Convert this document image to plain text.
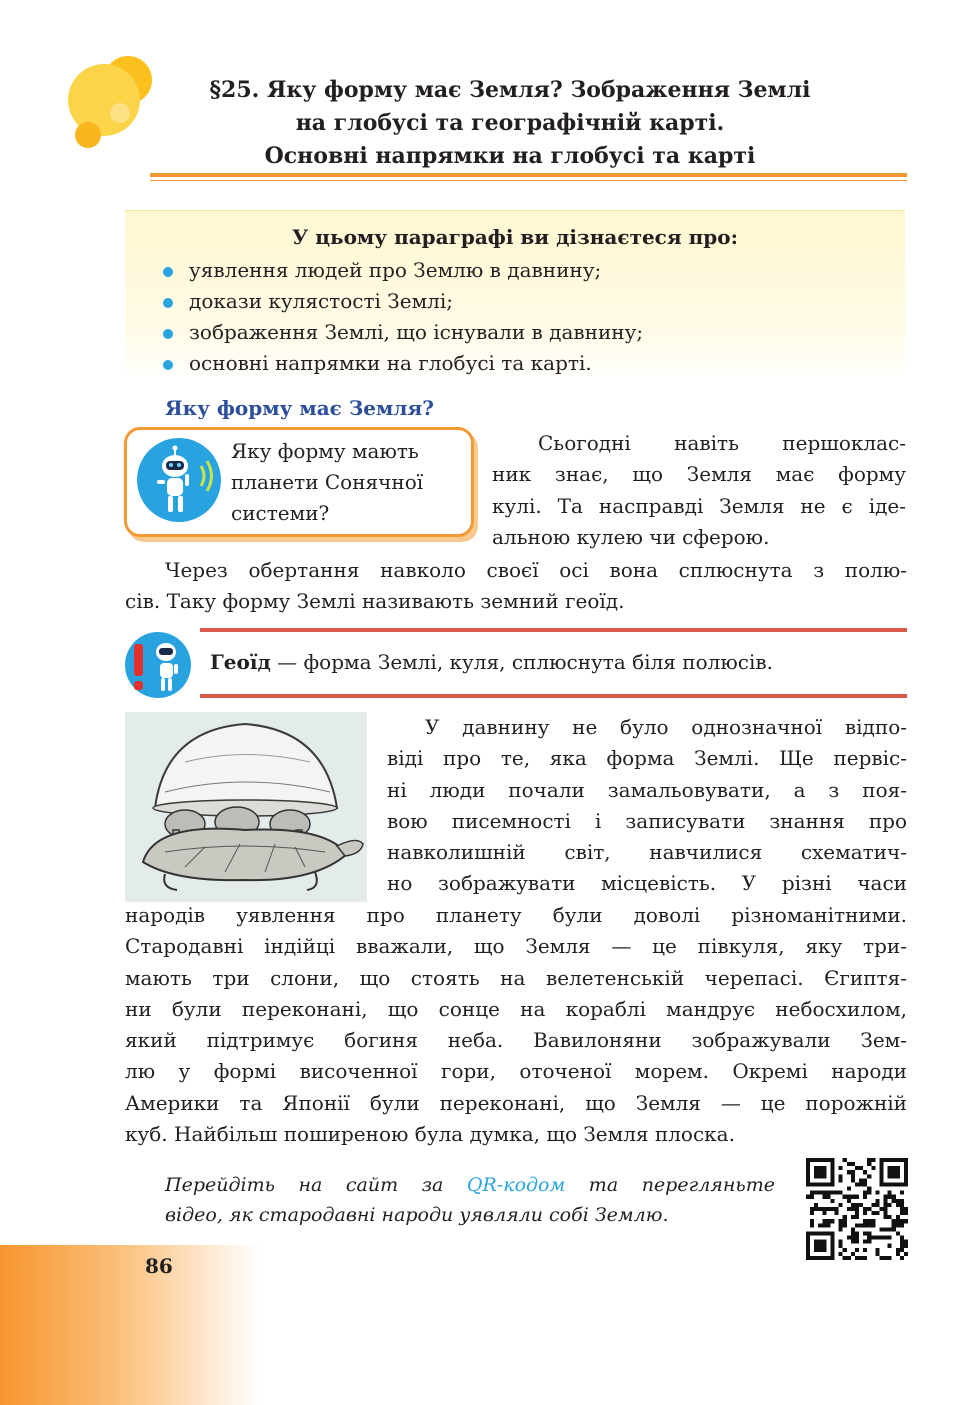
§25. Яку форму має Земля? Зображення Землі
на глобусі та географічній карті.
Основні напрямки на глобусі та карті
У цьому параграфі ви дізнаєтеся про:
уявлення людей про Землю в давнину;
докази кулястості Землі;
зображення Землі, що існували в давнину;
основні напрямки на глобусі та карті.
Яку форму має Земля?
Яку форму мають
планети Сонячної
системи?
Сьогодні навіть першоклас-
ник знає, що Земля має форму
кулі. Та насправді Земля не є іде-
альною кулею чи сферою.
Через обертання навколо своєї осі вона сплюснута з полю-
сів. Таку форму Землі називають земний геоїд.
Геоїд — форма Землі, куля, сплюснута біля полюсів.
У давнину не було однозначної відпо-
віді про те, яка форма Землі. Ще первіс-
ні люди почали замальовувати, а з поя-
вою писемності і записувати знання про
навколишній світ, навчилися схематич-
но зображувати місцевість. У різні часи
народів уявлення про планету були доволі різноманітними.
Стародавні індійці вважали, що Земля — це півкуля, яку три-
мають три слони, що стоять на велетенській черепасі. Єгиптя-
ни були переконані, що сонце на кораблі мандрує небосхилом,
який підтримує богиня неба. Вавилоняни зображували Зем-
лю у формі височенної гори, оточеної морем. Окремі народи
Америки та Японії були переконані, що Земля — це порожній
куб. Найбільш поширеною була думка, що Земля плоска.
Перейдіть на сайт за QR-кодом та перегляньте
відео, як стародавні народи уявляли собі Землю.
86
